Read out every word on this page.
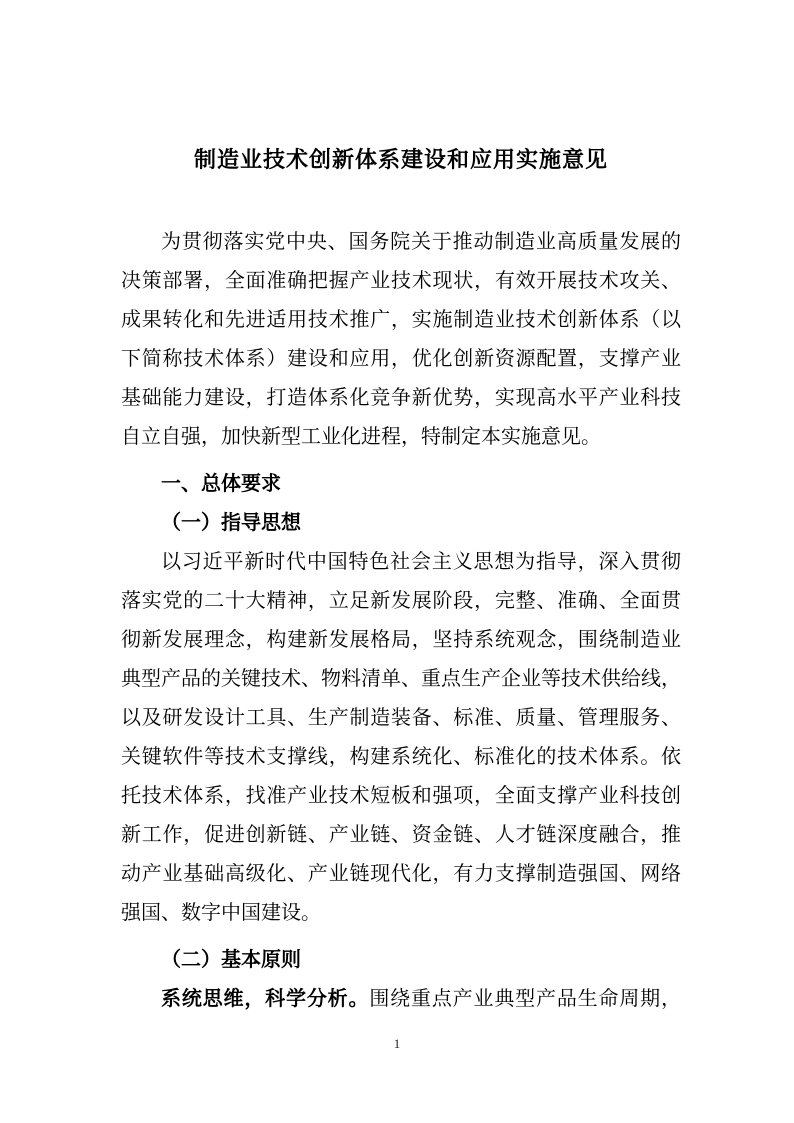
制造业技术创新体系建设和应用实施意见
为贯彻落实党中央、国务院关于推动制造业高质量发展的
决策部署，全面准确把握产业技术现状，有效开展技术攻关、
成果转化和先进适用技术推广，实施制造业技术创新体系（以
下简称技术体系）建设和应用，优化创新资源配置，支撑产业
基础能力建设，打造体系化竞争新优势，实现高水平产业科技
自立自强，加快新型工业化进程，特制定本实施意见。
一、总体要求
（一）指导思想
以习近平新时代中国特色社会主义思想为指导，深入贯彻
落实党的二十大精神，立足新发展阶段，完整、准确、全面贯
彻新发展理念，构建新发展格局，坚持系统观念，围绕制造业
典型产品的关键技术、物料清单、重点生产企业等技术供给线，
以及研发设计工具、生产制造装备、标准、质量、管理服务、
关键软件等技术支撑线，构建系统化、标准化的技术体系。依
托技术体系，找准产业技术短板和强项，全面支撑产业科技创
新工作，促进创新链、产业链、资金链、人才链深度融合，推
动产业基础高级化、产业链现代化，有力支撑制造强国、网络
强国、数字中国建设。
（二）基本原则
系统思维，科学分析。围绕重点产业典型产品生命周期，
1
